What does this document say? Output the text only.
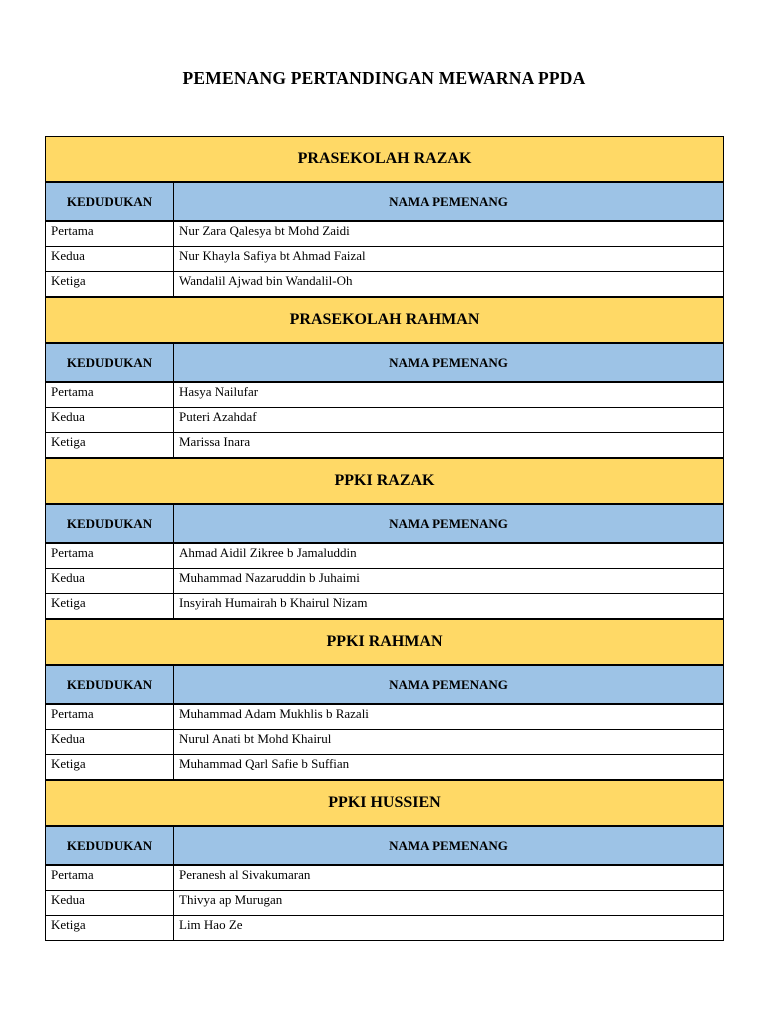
PEMENANG PERTANDINGAN MEWARNA PPDA
PRASEKOLAH RAZAK	
KEDUDUKAN	NAMA PEMENANG
Pertama	Nur Zara Qalesya bt Mohd Zaidi
Kedua	Nur Khayla Safiya bt Ahmad Faizal
Ketiga	Wandalil Ajwad bin Wandalil-Oh
PRASEKOLAH RAHMAN	
KEDUDUKAN	NAMA PEMENANG
Pertama	Hasya Nailufar
Kedua	Puteri Azahdaf
Ketiga	Marissa Inara
PPKI RAZAK	
KEDUDUKAN	NAMA PEMENANG
Pertama	Ahmad Aidil Zikree b Jamaluddin
Kedua	Muhammad Nazaruddin b Juhaimi
Ketiga	Insyirah Humairah b Khairul Nizam
PPKI RAHMAN	
KEDUDUKAN	NAMA PEMENANG
Pertama	Muhammad Adam Mukhlis b Razali
Kedua	Nurul Anati bt Mohd Khairul
Ketiga	Muhammad Qarl Safie b Suffian
PPKI HUSSIEN	
KEDUDUKAN	NAMA PEMENANG
Pertama	Peranesh al Sivakumaran
Kedua	Thivya ap Murugan
Ketiga	Lim Hao Ze
